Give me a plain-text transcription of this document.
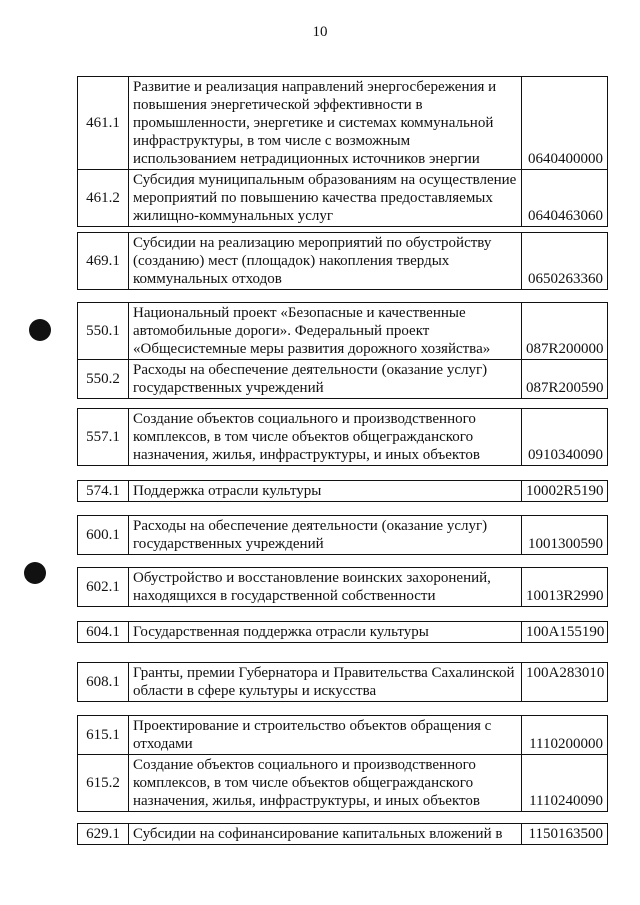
10
461.1	Развитие и реализация направлений энергосбережения и повышения энергетической эффективности в промышленности, энергетике и системах коммунальной инфраструктуры, в том числе с возможным использованием нетрадиционных источников энергии	0640400000
461.2	Субсидия муниципальным образованиям на осуществление мероприятий по повышению качества предоставляемых жилищно-коммунальных услуг	0640463060
469.1	Субсидии на реализацию мероприятий по обустройству (созданию) мест (площадок) накопления твердых коммунальных отходов	0650263360
550.1	Национальный проект «Безопасные и качественные автомобильные дороги». Федеральный проект «Общесистемные меры развития дорожного хозяйства»	087R200000
550.2	Расходы на обеспечение деятельности (оказание услуг) государственных учреждений	087R200590
557.1	Создание объектов социального и производственного комплексов, в том числе объектов общегражданского назначения, жилья, инфраструктуры, и иных объектов	0910340090
574.1	Поддержка отрасли культуры	10002R5190
600.1	Расходы на обеспечение деятельности (оказание услуг) государственных учреждений	1001300590
602.1	Обустройство и восстановление воинских захоронений, находящихся в государственной собственности	10013R2990
604.1	Государственная поддержка отрасли культуры	100A155190
608.1	Гранты, премии Губернатора и Правительства Сахалинской области в сфере культуры и искусства	100A283010
615.1	Проектирование и строительство объектов обращения с отходами	1110200000
615.2	Создание объектов социального и производственного комплексов, в том числе объектов общегражданского назначения, жилья, инфраструктуры, и иных объектов	1110240090
629.1	Субсидии на софинансирование капитальных вложений в	1150163500
